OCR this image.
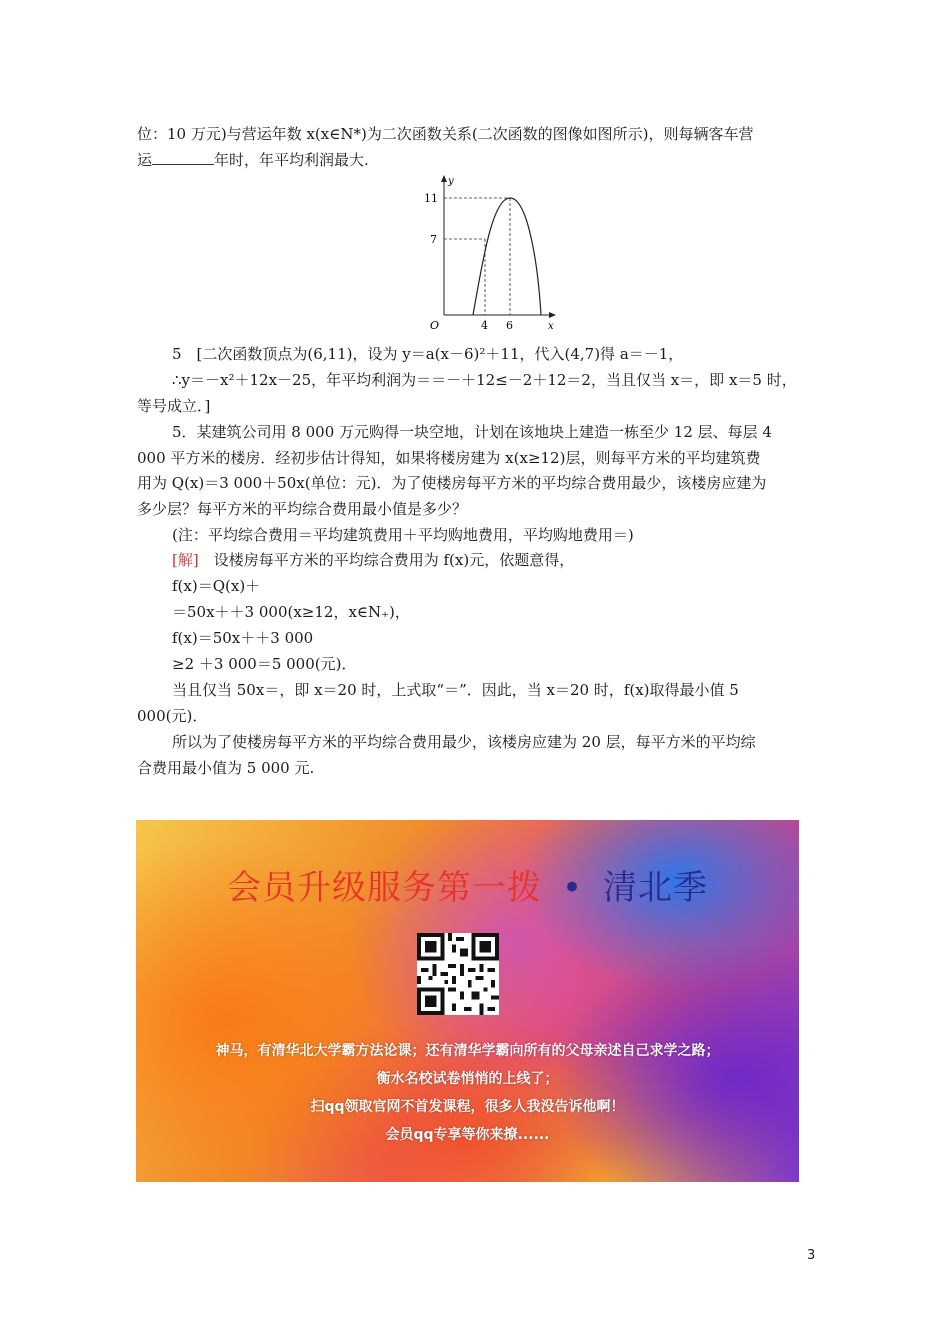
位：10 万元)与营运年数 x(x∈N*)为二次函数关系(二次函数的图像如图所示)，则每辆客车营
运	年时，年平均利润最大.
y
x
O
11
7
4 6
5　[二次函数顶点为(6,11)，设为 y＝a(x－6)²＋11，代入(4,7)得 a＝－1，
∴y＝－x²＋12x－25，年平均利润为＝＝－＋12≤－2＋12＝2，当且仅当 x＝，即 x＝5 时，
等号成立．]
5．某建筑公司用 8 000 万元购得一块空地，计划在该地块上建造一栋至少 12 层、每层 4
000 平方米的楼房．经初步估计得知，如果将楼房建为 x(x≥12)层，则每平方米的平均建筑费
用为 Q(x)＝3 000＋50x(单位：元)．为了使楼房每平方米的平均综合费用最少，该楼房应建为
多少层？每平方米的平均综合费用最小值是多少？
(注：平均综合费用＝平均建筑费用＋平均购地费用，平均购地费用＝)
[解]　设楼房每平方米的平均综合费用为 f(x)元，依题意得，
f(x)＝Q(x)＋
＝50x＋＋3 000(x≥12，x∈N₊)，
f(x)＝50x＋＋3 000
≥2 ＋3 000＝5 000(元)．
当且仅当 50x＝，即 x＝20 时，上式取“＝”．因此，当 x＝20 时，f(x)取得最小值 5
000(元)．
所以为了使楼房每平方米的平均综合费用最少，该楼房应建为 20 层，每平方米的平均综
合费用最小值为 5 000 元.
会员升级服务第一拨 • 清北季
神马，有清华北大学霸方法论课；还有清华学霸向所有的父母亲述自己求学之路；
衡水名校试卷悄悄的上线了；
扫qq领取官网不首发课程，很多人我没告诉他啊！
会员qq专享等你来撩......
3
